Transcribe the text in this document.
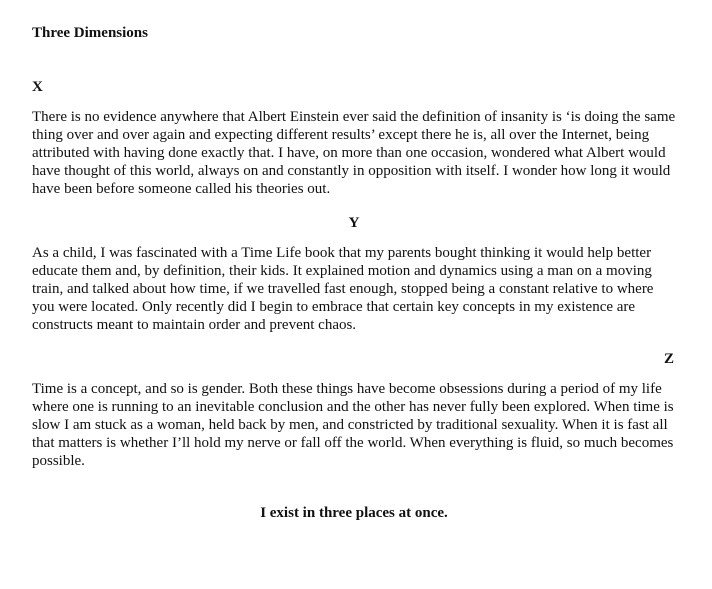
Three Dimensions
X

There is no evidence anywhere that Albert Einstein ever said the definition of insanity is ‘is doing the same thing over and over again and expecting different results’ except there he is, all over the Internet, being attributed with having done exactly that. I have, on more than one occasion, wondered what Albert would have thought of this world, always on and constantly in opposition with itself. I wonder how long it would have been before someone called his theories out.

Y

As a child, I was fascinated with a Time Life book that my parents bought thinking it would help better educate them and, by definition, their kids. It explained motion and dynamics using a man on a moving train, and talked about how time, if we travelled fast enough, stopped being a constant relative to where you were located. Only recently did I begin to embrace that certain key concepts in my existence are constructs meant to maintain order and prevent chaos.

Z

Time is a concept, and so is gender. Both these things have become obsessions during a period of my life where one is running to an inevitable conclusion and the other has never fully been explored. When time is slow I am stuck as a woman, held back by men, and constricted by traditional sexuality. When it is fast all that matters is whether I’ll hold my nerve or fall off the world. When everything is fluid, so much becomes possible.

I exist in three places at once.
